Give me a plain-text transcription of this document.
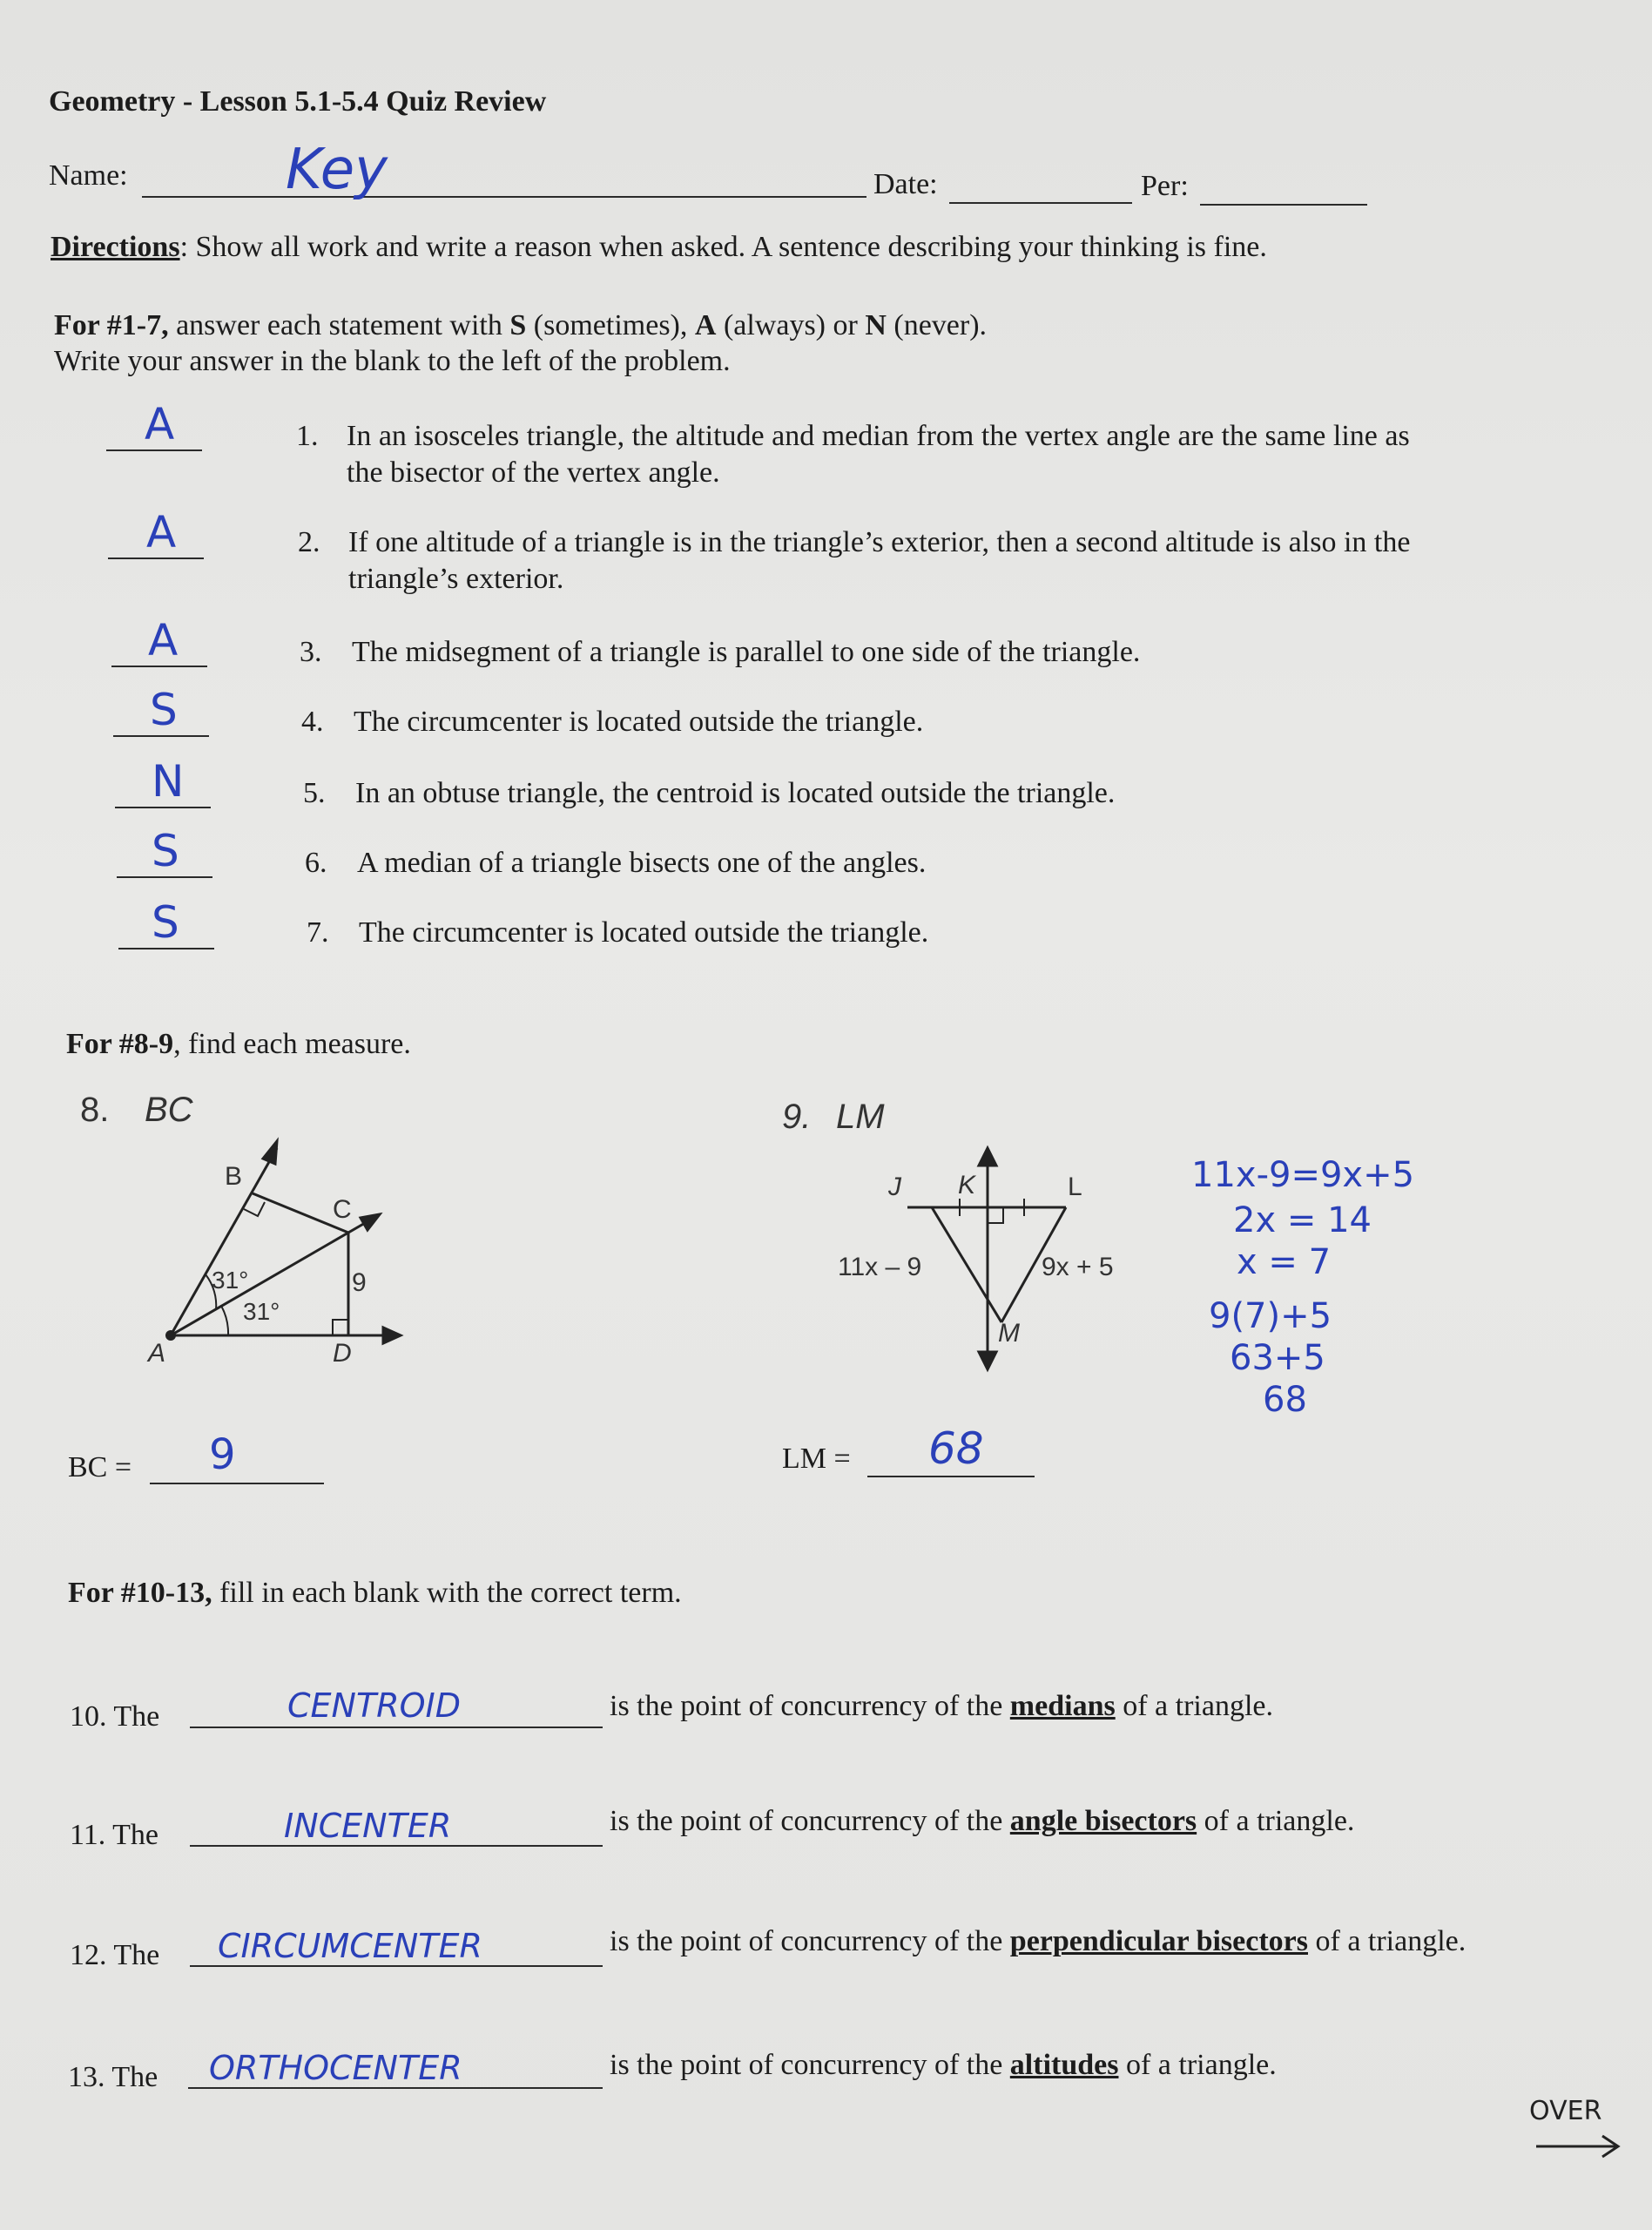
Geometry - Lesson 5.1-5.4 Quiz Review
Name:	Key	Date:	Per:
Directions: Show all work and write a reason when asked. A sentence describing your thinking is fine.
For #1-7, answer each statement with S (sometimes), A (always) or N (never).
Write your answer in the blank to the left of the problem.
A	1. In an isosceles triangle, the altitude and median from the vertex angle are the same line as
the bisector of the vertex angle.
A	2. If one altitude of a triangle is in the triangle’s exterior, then a second altitude is also in the
triangle’s exterior.
A	3. The midsegment of a triangle is parallel to one side of the triangle.
S	4. The circumcenter is located outside the triangle.
N	5. In an obtuse triangle, the centroid is located outside the triangle.
S	6. A median of a triangle bisects one of the angles.
S	7. The circumcenter is located outside the triangle.
For #8-9, find each measure.
8. BC
B
C
A	D
31°
31°
9
BC = 9
9. LM
J K	L
M
11x – 9	9x + 5
11x-9=9x+5
2x = 14
x = 7
9(7)+5
63+5
68
LM = 68
For #10-13, fill in each blank with the correct term.
10. The	CENTROID	is the point of concurrency of the medians of a triangle.
11. The	INCENTER	is the point of concurrency of the angle bisectors of a triangle.
12. The CIRCUMCENTER	is the point of concurrency of the perpendicular bisectors of a triangle.
13. The ORTHOCENTER	is the point of concurrency of the altitudes of a triangle.
OVER
